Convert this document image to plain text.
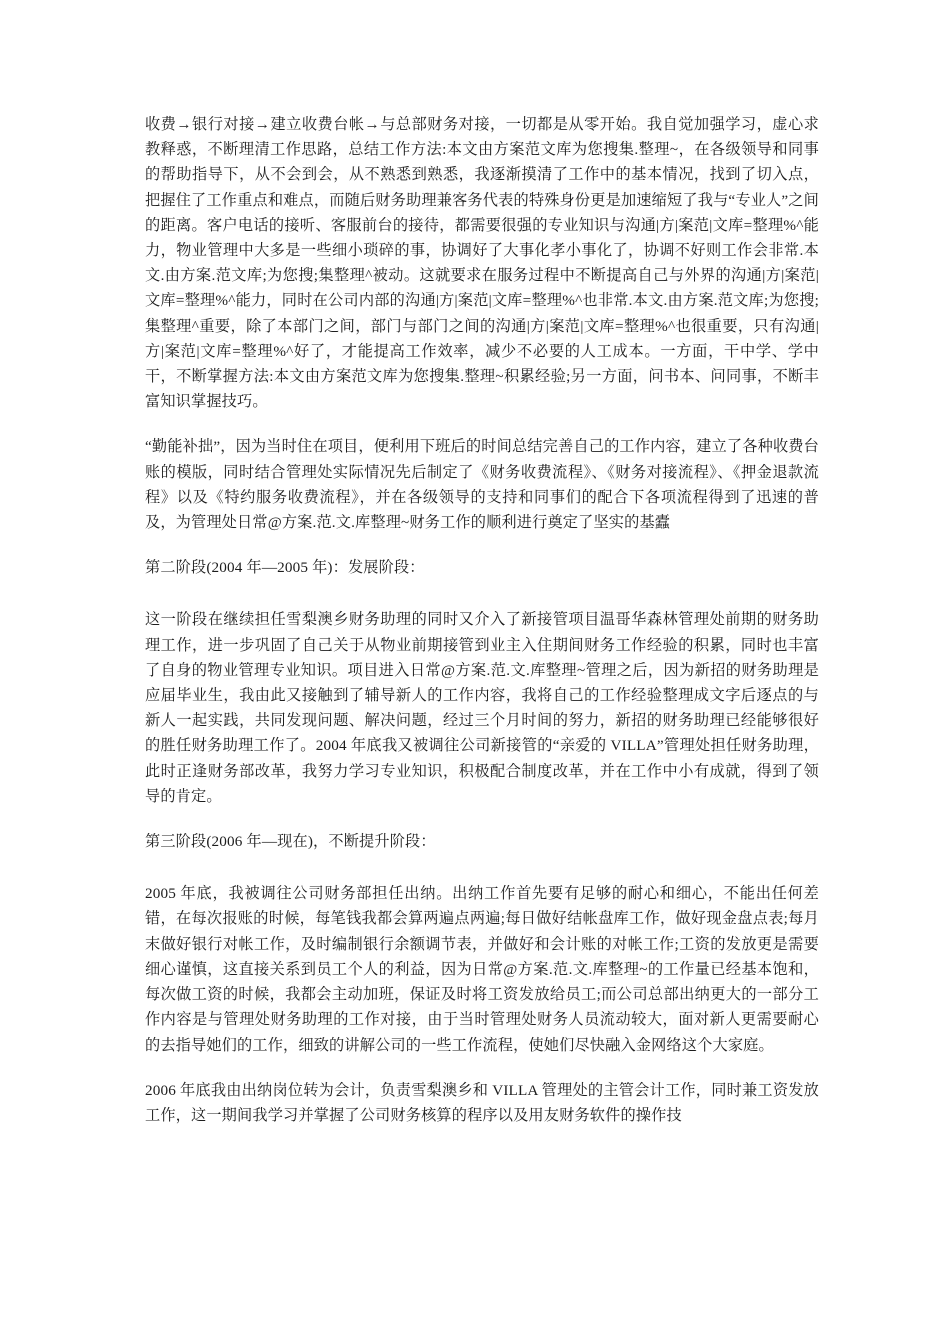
收费→银行对接→建立收费台帐→与总部财务对接，一切都是从零开始。我自觉加强学习，虚心求教释惑，不断理清工作思路，总结工作方法:本文由方案范文库为您搜集.整理~，在各级领导和同事的帮助指导下，从不会到会，从不熟悉到熟悉，我逐渐摸清了工作中的基本情况，找到了切入点，把握住了工作重点和难点，而随后财务助理兼客务代表的特殊身份更是加速缩短了我与“专业人”之间的距离。客户电话的接听、客服前台的接待，都需要很强的专业知识与沟通|方|案范|文库=整理%^能力，物业管理中大多是一些细小琐碎的事，协调好了大事化孝小事化了，协调不好则工作会非常.本文.由方案.范文库;为您搜;集整理^被动。这就要求在服务过程中不断提高自己与外界的沟通|方|案范|文库=整理%^能力，同时在公司内部的沟通|方|案范|文库=整理%^也非常.本文.由方案.范文库;为您搜;集整理^重要，除了本部门之间，部门与部门之间的沟通|方|案范|文库=整理%^也很重要，只有沟通|方|案范|文库=整理%^好了，才能提高工作效率，减少不必要的人工成本。一方面，干中学、学中干，不断掌握方法:本文由方案范文库为您搜集.整理~积累经验;另一方面，问书本、问同事，不断丰富知识掌握技巧。

“勤能补拙”，因为当时住在项目，便利用下班后的时间总结完善自己的工作内容，建立了各种收费台账的模版，同时结合管理处实际情况先后制定了《财务收费流程》、《财务对接流程》、《押金退款流程》以及《特约服务收费流程》，并在各级领导的支持和同事们的配合下各项流程得到了迅速的普及，为管理处日常@方案.范.文.库整理~财务工作的顺利进行奠定了坚实的基蠹

第二阶段(2004 年—2005 年)：发展阶段：

这一阶段在继续担任雪梨澳乡财务助理的同时又介入了新接管项目温哥华森林管理处前期的财务助理工作，进一步巩固了自己关于从物业前期接管到业主入住期间财务工作经验的积累，同时也丰富了自身的物业管理专业知识。项目进入日常@方案.范.文.库整理~管理之后，因为新招的财务助理是应届毕业生，我由此又接触到了辅导新人的工作内容，我将自己的工作经验整理成文字后逐点的与新人一起实践，共同发现问题、解决问题，经过三个月时间的努力，新招的财务助理已经能够很好的胜任财务助理工作了。2004 年底我又被调往公司新接管的“亲爱的 VILLA”管理处担任财务助理，此时正逢财务部改革，我努力学习专业知识，积极配合制度改革，并在工作中小有成就，得到了领导的肯定。

第三阶段(2006 年—现在)，不断提升阶段：

2005 年底，我被调往公司财务部担任出纳。出纳工作首先要有足够的耐心和细心，不能出任何差错，在每次报账的时候，每笔钱我都会算两遍点两遍;每日做好结帐盘库工作，做好现金盘点表;每月末做好银行对帐工作，及时编制银行余额调节表，并做好和会计账的对帐工作;工资的发放更是需要细心谨慎，这直接关系到员工个人的利益，因为日常@方案.范.文.库整理~的工作量已经基本饱和，每次做工资的时候，我都会主动加班，保证及时将工资发放给员工;而公司总部出纳更大的一部分工作内容是与管理处财务助理的工作对接，由于当时管理处财务人员流动较大，面对新人更需要耐心的去指导她们的工作，细致的讲解公司的一些工作流程，使她们尽快融入金网络这个大家庭。

2006 年底我由出纳岗位转为会计，负责雪梨澳乡和 VILLA 管理处的主管会计工作，同时兼工资发放工作，这一期间我学习并掌握了公司财务核算的程序以及用友财务软件的操作技
